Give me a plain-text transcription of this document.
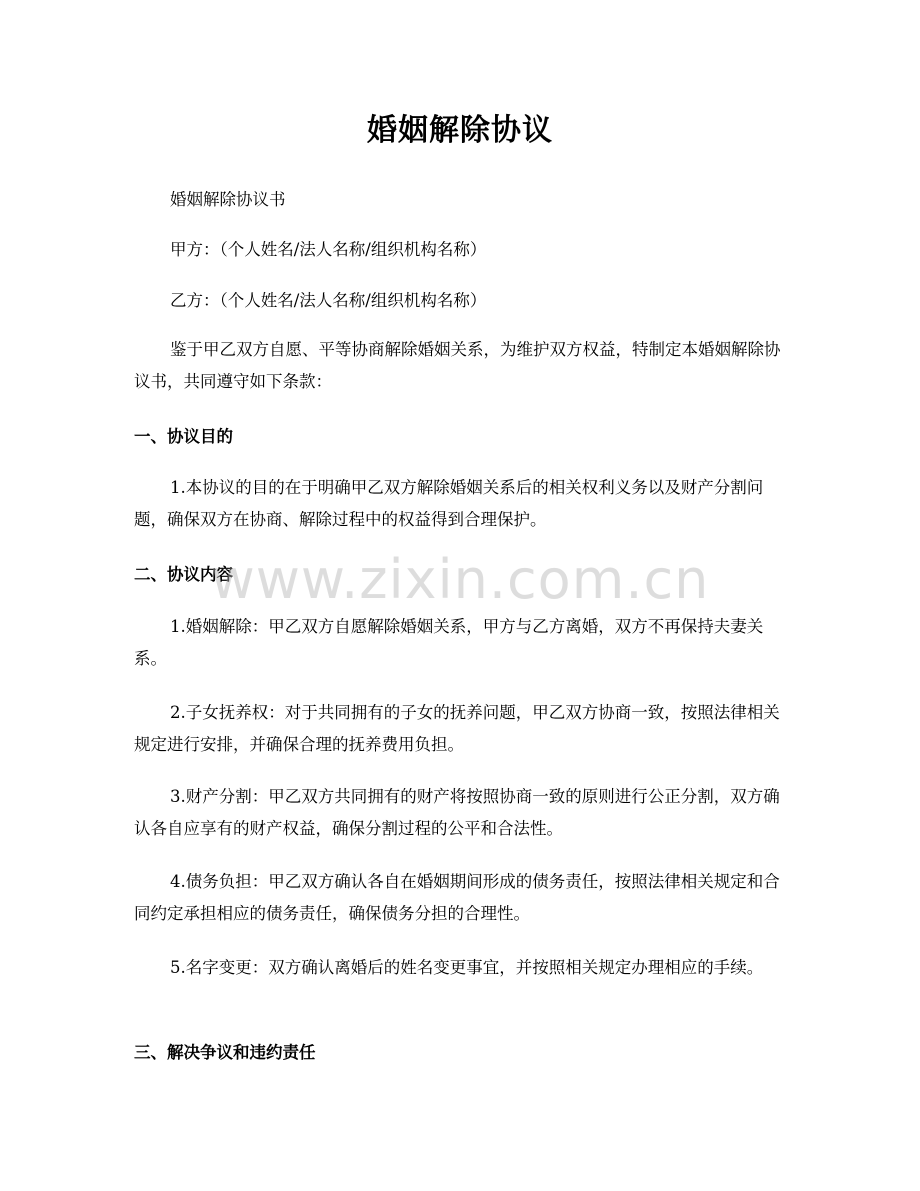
婚姻解除协议

婚姻解除协议书

甲方：（个人姓名/法人名称/组织机构名称）

乙方：（个人姓名/法人名称/组织机构名称）

鉴于甲乙双方自愿、平等协商解除婚姻关系，为维护双方权益，特制定本婚姻解除协议书，共同遵守如下条款：

一、协议目的

1.本协议的目的在于明确甲乙双方解除婚姻关系后的相关权利义务以及财产分割问题，确保双方在协商、解除过程中的权益得到合理保护。

二、协议内容

1.婚姻解除：甲乙双方自愿解除婚姻关系，甲方与乙方离婚，双方不再保持夫妻关系。

2.子女抚养权：对于共同拥有的子女的抚养问题，甲乙双方协商一致，按照法律相关规定进行安排，并确保合理的抚养费用负担。

3.财产分割：甲乙双方共同拥有的财产将按照协商一致的原则进行公正分割，双方确认各自应享有的财产权益，确保分割过程的公平和合法性。

4.债务负担：甲乙双方确认各自在婚姻期间形成的债务责任，按照法律相关规定和合同约定承担相应的债务责任，确保债务分担的合理性。

5.名字变更：双方确认离婚后的姓名变更事宜，并按照相关规定办理相应的手续。

三、解决争议和违约责任
www.zixin.com.cn
